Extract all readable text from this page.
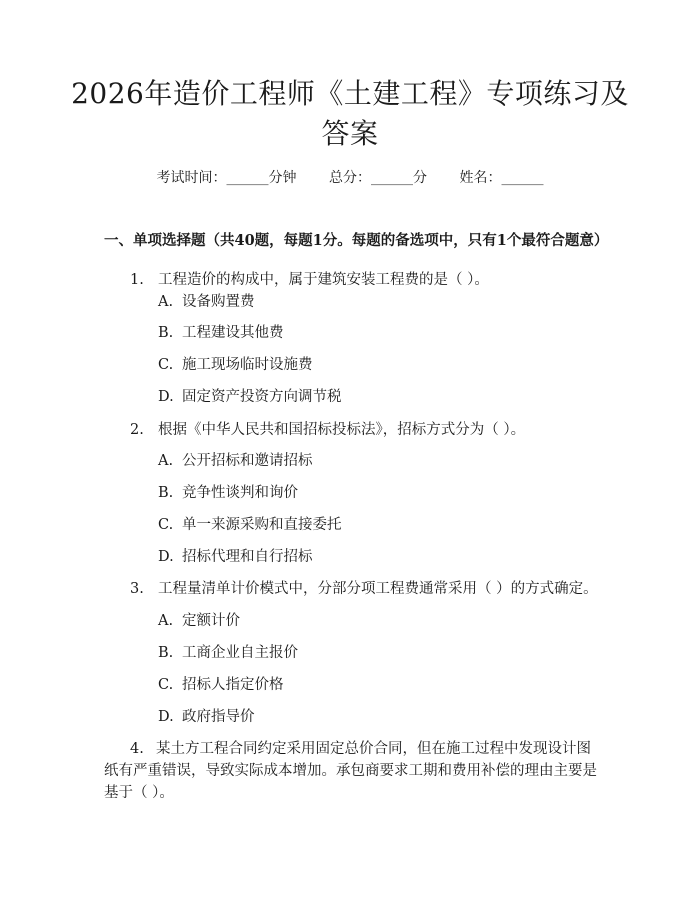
2026年造价工程师《土建工程》专项练习及答案
考试时间：______分钟 总分：______分 姓名：______
一、单项选择题（共40题，每题1分。每题的备选项中，只有1个最符合题意）
1. 工程造价的构成中，属于建筑安装工程费的是（ ）。
A. 设备购置费
B. 工程建设其他费
C. 施工现场临时设施费
D. 固定资产投资方向调节税
2. 根据《中华人民共和国招标投标法》，招标方式分为（ ）。
A. 公开招标和邀请招标
B. 竞争性谈判和询价
C. 单一来源采购和直接委托
D. 招标代理和自行招标
3. 工程量清单计价模式中，分部分项工程费通常采用（ ）的方式确定。
A. 定额计价
B. 工商企业自主报价
C. 招标人指定价格
D. 政府指导价
4. 某土方工程合同约定采用固定总价合同，但在施工过程中发现设计图纸有严重错误，导致实际成本增加。承包商要求工期和费用补偿的理由主要是基于（ ）。
